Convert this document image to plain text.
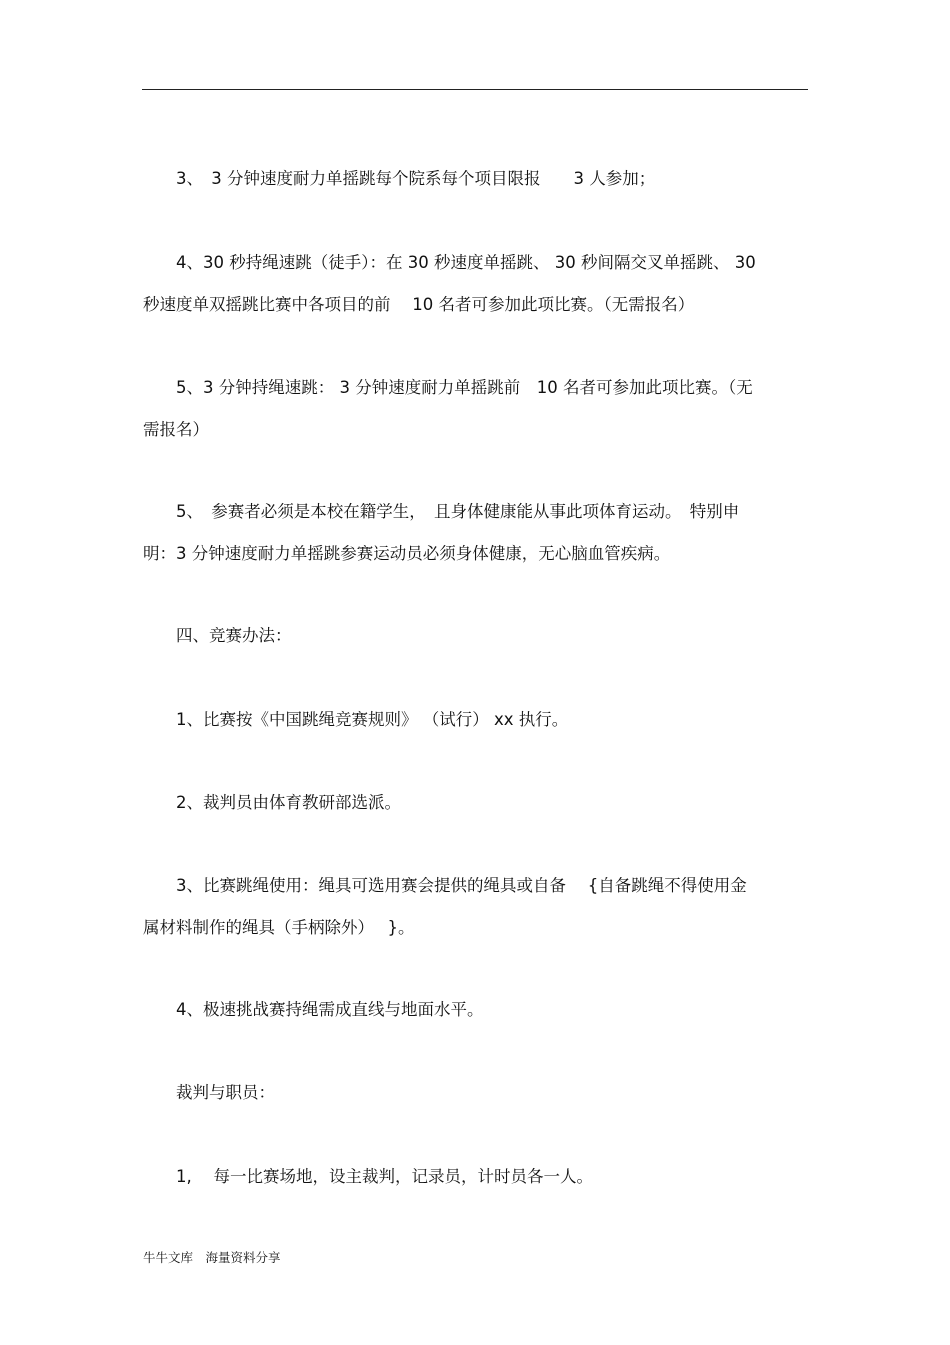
　　3、　3 分钟速度耐力单摇跳每个院系每个项目限报　　3 人参加；
　　4、30 秒持绳速跳（徒手）：在 30 秒速度单摇跳、 30 秒间隔交叉单摇跳、 30
秒速度单双摇跳比赛中各项目的前　 10 名者可参加此项比赛。（无需报名）
　　5、3 分钟持绳速跳： 3 分钟速度耐力单摇跳前　10 名者可参加此项比赛。（无
需报名）
　　5、　参赛者必须是本校在籍学生，　且身体健康能从事此项体育运动。　特别申
明：3 分钟速度耐力单摇跳参赛运动员必须身体健康，无心脑血管疾病。
　　四、竞赛办法：
　　1、比赛按《中国跳绳竞赛规则》 （试行） xx 执行。
　　2、裁判员由体育教研部选派。
　　3、比赛跳绳使用：绳具可选用赛会提供的绳具或自备　 {自备跳绳不得使用金
属材料制作的绳具（手柄除外）　 }。
　　4、极速挑战赛持绳需成直线与地面水平。
　　裁判与职员：
　　1,　 每一比赛场地，设主裁判，记录员，计时员各一人。
牛牛文库　海量资料分享
